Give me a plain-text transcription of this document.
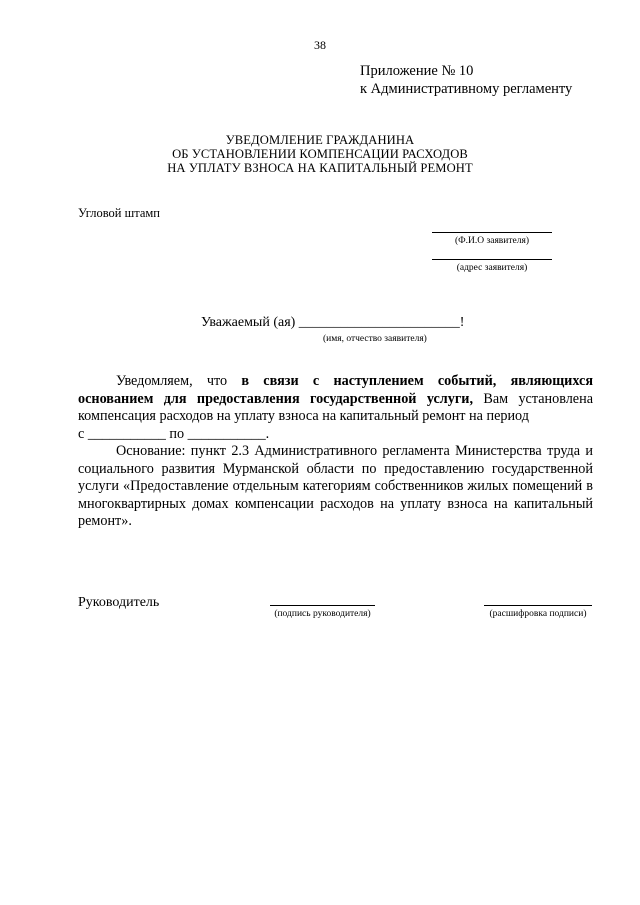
38
Приложение № 10
к Административному регламенту
УВЕДОМЛЕНИЕ ГРАЖДАНИНА
ОБ УСТАНОВЛЕНИИ КОМПЕНСАЦИИ РАСХОДОВ
НА УПЛАТУ ВЗНОСА НА КАПИТАЛЬНЫЙ РЕМОНТ
Угловой штамп
(Ф.И.О заявителя)
(адрес заявителя)
Уважаемый (ая) _______________________!
(имя, отчество заявителя)

Уведомляем, что в связи с наступлением событий, являющихся основанием для предоставления государственной услуги, Вам установлена компенсация расходов на уплату взноса на капитальный ремонт на период

с ___________ по ___________.

Основание: пункт 2.3 Административного регламента Министерства труда и социального развития Мурманской области по предоставлению государственной услуги «Предоставление отдельным категориям собственников жилых помещений в многоквартирных домах компенсации расходов на уплату взноса на капитальный ремонт».

Руководитель
(подпись руководителя)	(расшифровка подписи)
